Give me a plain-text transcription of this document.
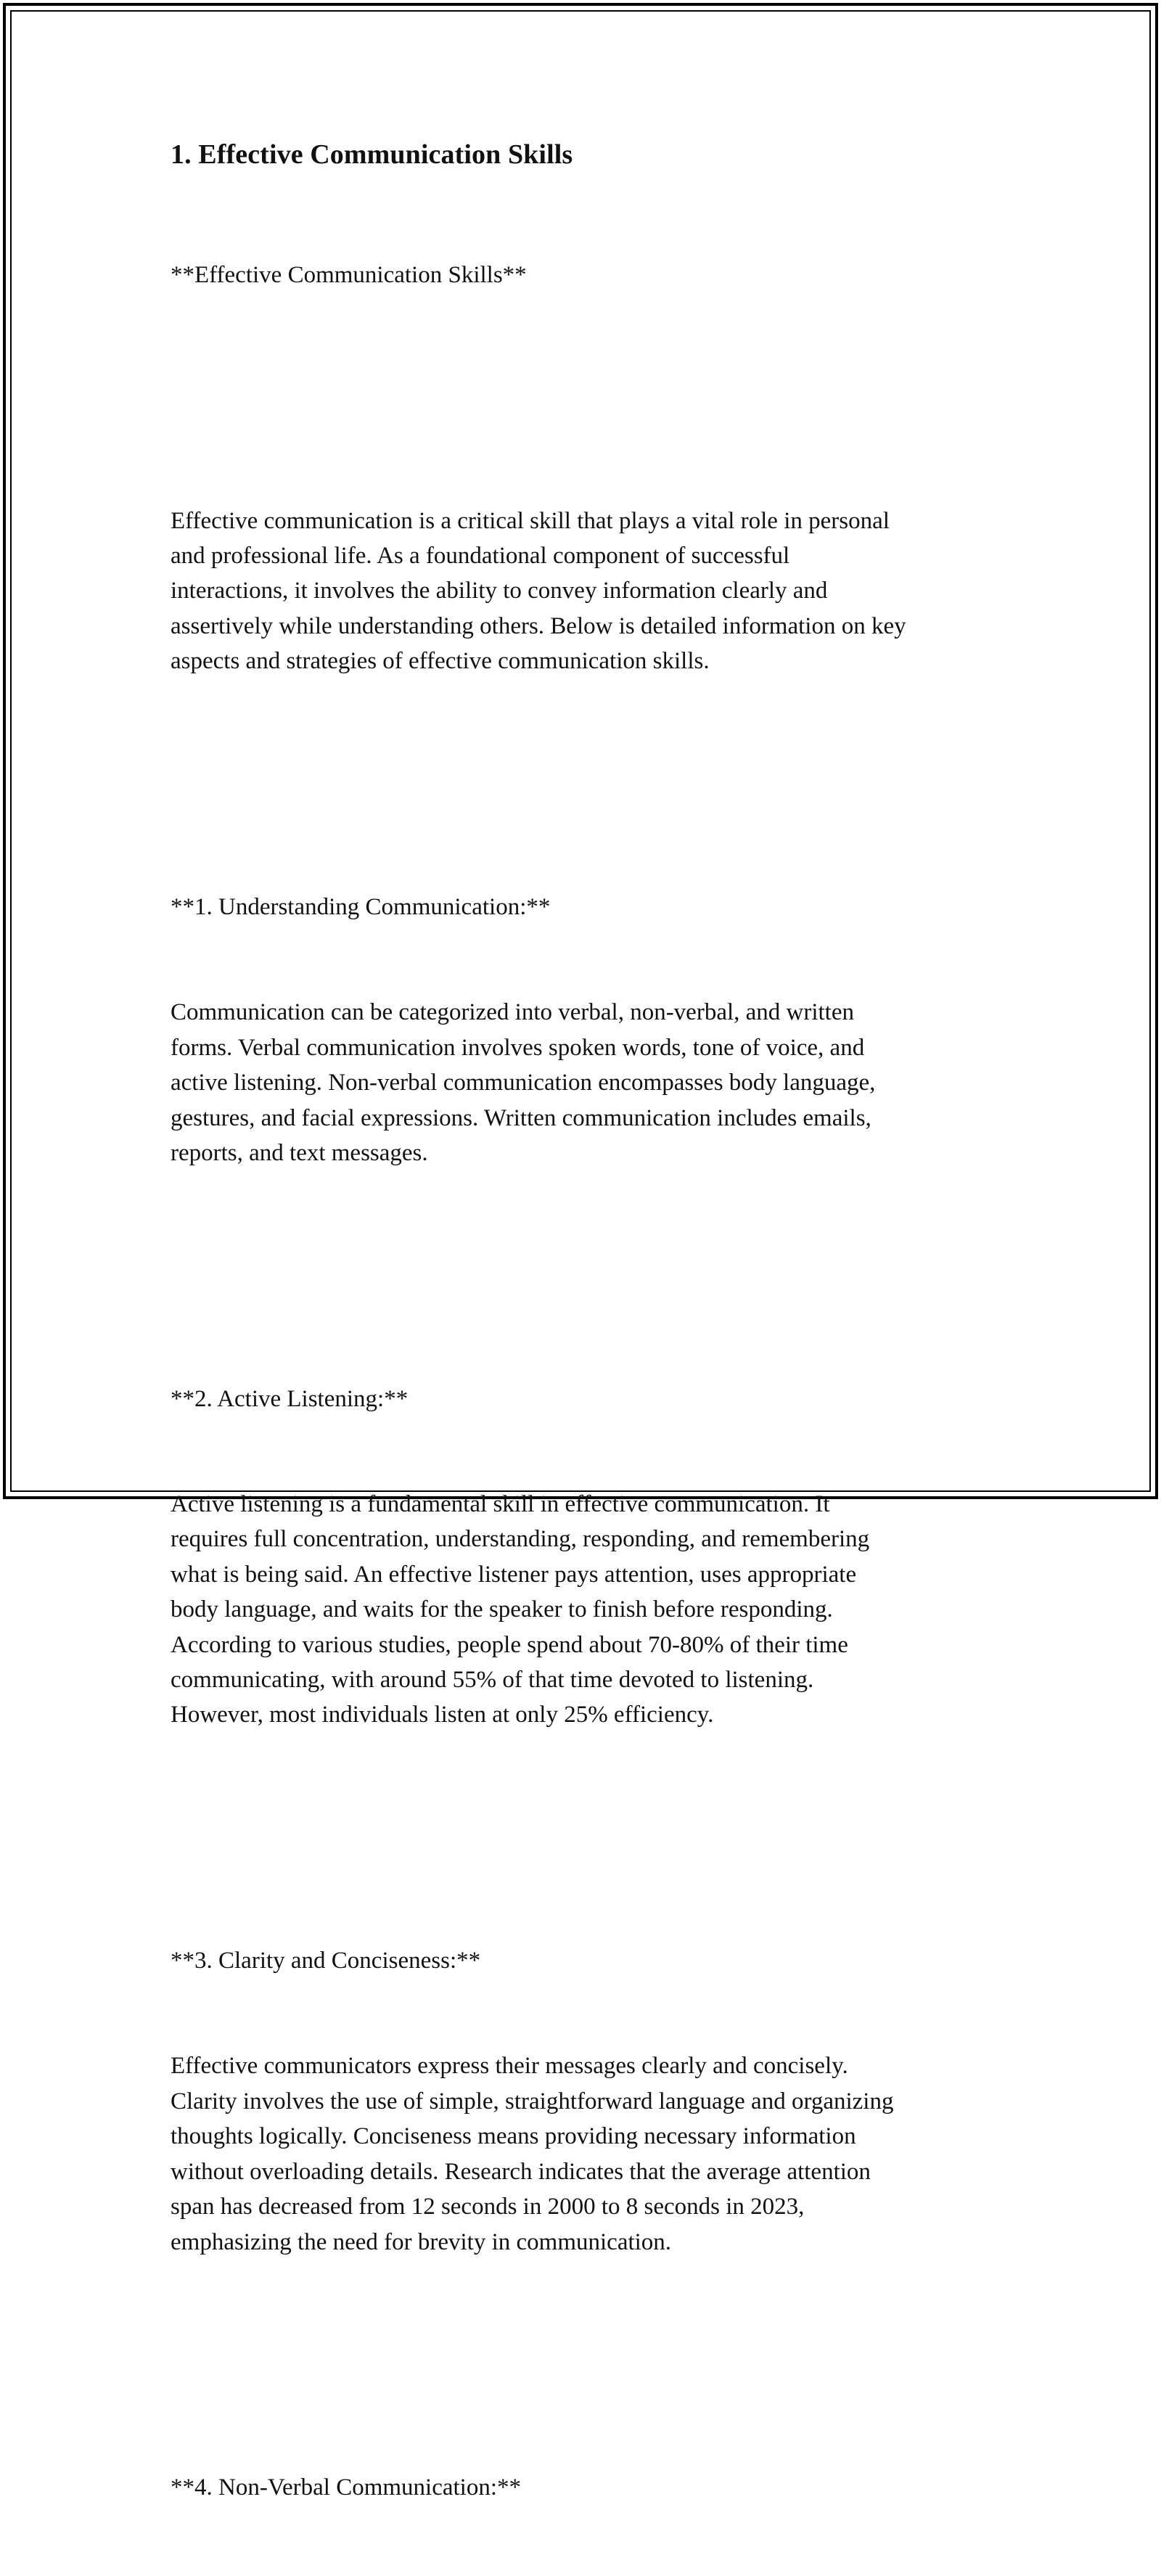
1. Effective Communication Skills

**Effective Communication Skills**

Effective communication is a critical skill that plays a vital role in personal
and professional life. As a foundational component of successful
interactions, it involves the ability to convey information clearly and
assertively while understanding others. Below is detailed information on key
aspects and strategies of effective communication skills.

**1. Understanding Communication:**

Communication can be categorized into verbal, non-verbal, and written
forms. Verbal communication involves spoken words, tone of voice, and
active listening. Non-verbal communication encompasses body language,
gestures, and facial expressions. Written communication includes emails,
reports, and text messages.

**2. Active Listening:**

Active listening is a fundamental skill in effective communication. It
requires full concentration, understanding, responding, and remembering
what is being said. An effective listener pays attention, uses appropriate
body language, and waits for the speaker to finish before responding.
According to various studies, people spend about 70-80% of their time
communicating, with around 55% of that time devoted to listening.
However, most individuals listen at only 25% efficiency.

**3. Clarity and Conciseness:**

Effective communicators express their messages clearly and concisely.
Clarity involves the use of simple, straightforward language and organizing
thoughts logically. Conciseness means providing necessary information
without overloading details. Research indicates that the average attention
span has decreased from 12 seconds in 2000 to 8 seconds in 2023,
emphasizing the need for brevity in communication.

**4. Non-Verbal Communication:**
